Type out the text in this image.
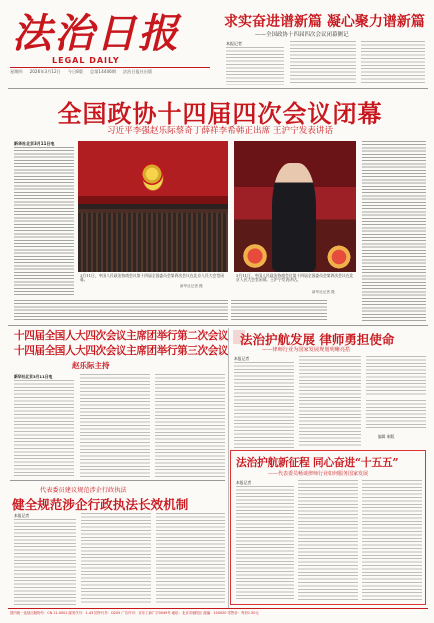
法治日报
LEGAL DAILY
星期四 2026年3月12日 今日8版 总第14446期 法治日报社出版
求实奋进谱新篇 凝心聚力谱新篇
——全国政协十四届四次会议闭幕侧记
本报记者
全国政协十四届四次会议闭幕
习近平李强赵乐际蔡奇丁薛祥李希韩正出席 王沪宁发表讲话
新华社北京3月11日电
3月11日，中国人民政治协商会议第十四届全国委员会第四次会议在北京人民大会堂闭幕。
新华社记者 摄
3月11日，中国人民政治协商会议第十四届全国委员会第四次会议在北京人民大会堂闭幕。王沪宁发表讲话。
新华社记者 摄
十四届全国人大四次会议主席团举行第二次会议
十四届全国人大四次会议主席团举行第三次会议
赵乐际主持
新华社北京3月11日电
法治护航发展 律师勇担使命
——律师行业为国家发展规划明晰亮搭
本报记者
编辑 制版
代表委员建议规范涉企行政执法
健全规范涉企行政执法长效机制
本报记者
法治护航新征程 同心奋进“十五五”
——代表委员畅谈律师行业如何服务国家发展
本报记者
国内统一连续出版物号：CN 11-0001 邮发代号：1-43 国外代号：D205 广告许可：京东工商广字0049号 地址：北京市朝阳区 邮编：100020 零售价：每份1.50元
